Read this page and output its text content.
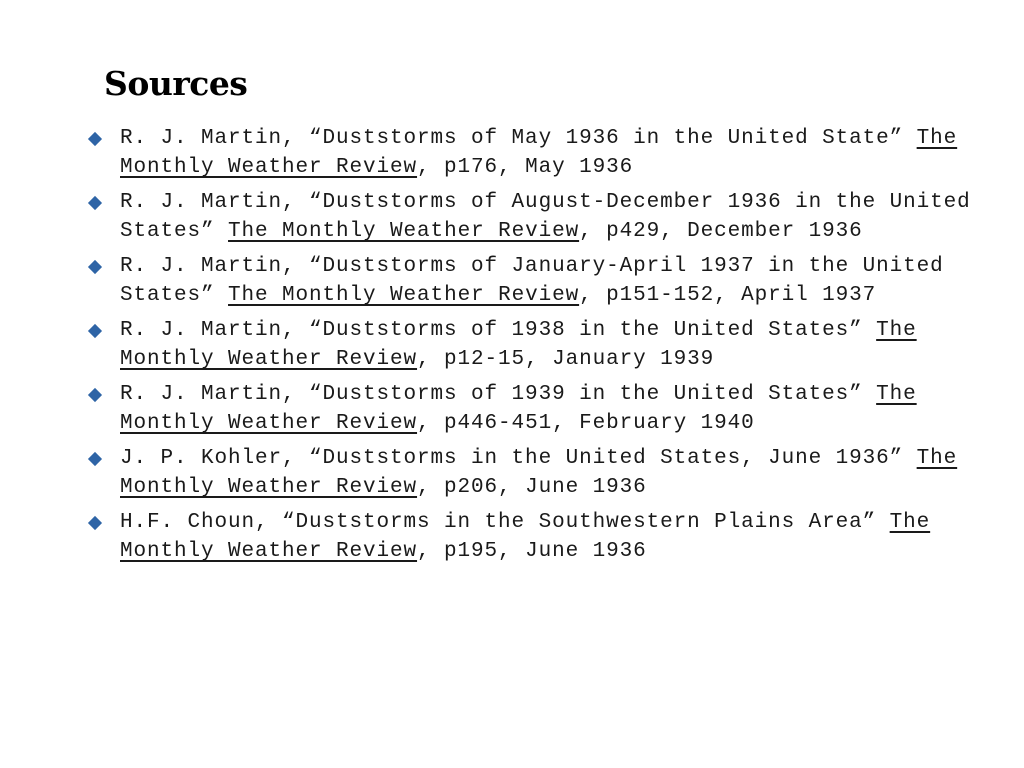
Sources
R. J. Martin, “Duststorms of May 1936 in the United State” The Monthly Weather Review, p176, May 1936
R. J. Martin, “Duststorms of August-December 1936 in the United States” The Monthly Weather Review, p429, December 1936
R. J. Martin, “Duststorms of January-April 1937 in the United States” The Monthly Weather Review, p151-152, April 1937
R. J. Martin, “Duststorms of 1938 in the United States” The Monthly Weather Review, p12-15, January 1939
R. J. Martin, “Duststorms of 1939 in the United States” The Monthly Weather Review, p446-451, February 1940
J. P. Kohler, “Duststorms in the United States, June 1936” The Monthly Weather Review, p206, June 1936
H.F. Choun, “Duststorms in the Southwestern Plains Area” The Monthly Weather Review, p195, June 1936
